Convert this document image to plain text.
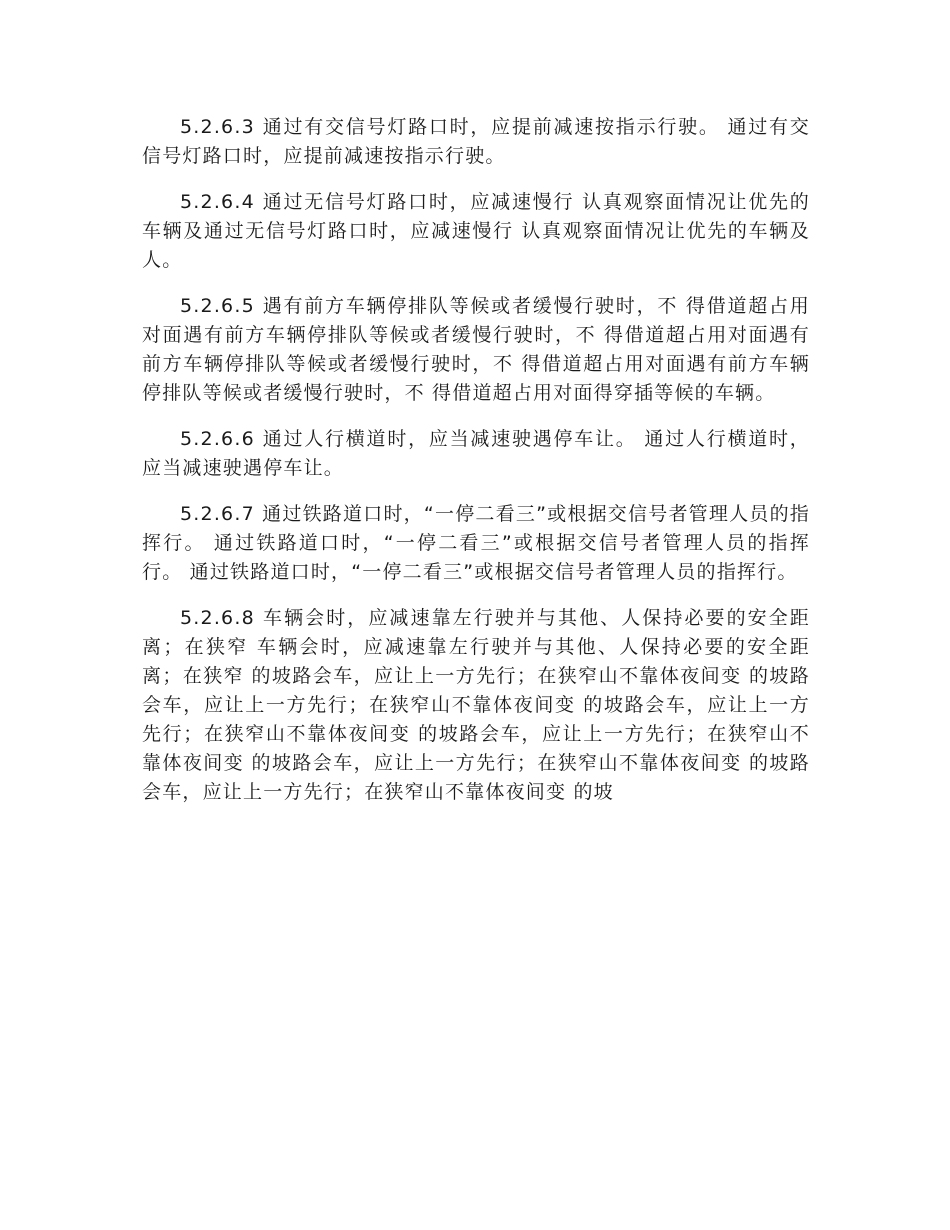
5.2.6.3 通过有交信号灯路口时，应提前减速按指示行驶。 通过有交信号灯路口时，应提前减速按指示行驶。

5.2.6.4 通过无信号灯路口时，应减速慢行 认真观察面情况让优先的车辆及通过无信号灯路口时，应减速慢行 认真观察面情况让优先的车辆及人。

5.2.6.5 遇有前方车辆停排队等候或者缓慢行驶时，不 得借道超占用对面遇有前方车辆停排队等候或者缓慢行驶时，不 得借道超占用对面遇有前方车辆停排队等候或者缓慢行驶时，不 得借道超占用对面遇有前方车辆停排队等候或者缓慢行驶时，不 得借道超占用对面得穿插等候的车辆。

5.2.6.6 通过人行横道时，应当减速驶遇停车让。 通过人行横道时，应当减速驶遇停车让。

5.2.6.7 通过铁路道口时，“一停二看三”或根据交信号者管理人员的指挥行。 通过铁路道口时，“一停二看三”或根据交信号者管理人员的指挥行。 通过铁路道口时，“一停二看三”或根据交信号者管理人员的指挥行。

5.2.6.8 车辆会时，应减速靠左行驶并与其他、人保持必要的安全距离；在狭窄 车辆会时，应减速靠左行驶并与其他、人保持必要的安全距离；在狭窄 的坡路会车，应让上一方先行；在狭窄山不靠体夜间变 的坡路会车，应让上一方先行；在狭窄山不靠体夜间变 的坡路会车，应让上一方先行；在狭窄山不靠体夜间变 的坡路会车，应让上一方先行；在狭窄山不靠体夜间变 的坡路会车，应让上一方先行；在狭窄山不靠体夜间变 的坡路会车，应让上一方先行；在狭窄山不靠体夜间变 的坡
